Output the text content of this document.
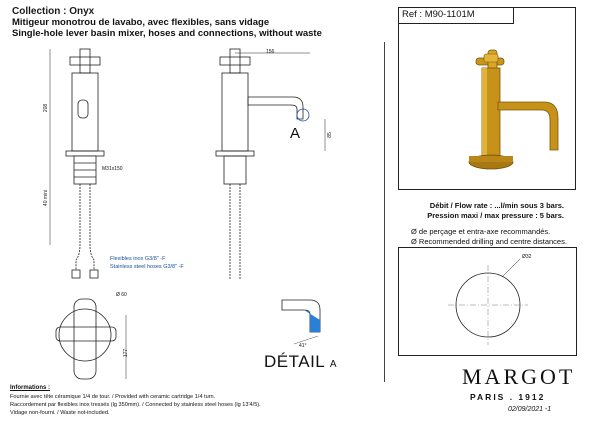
Collection : Onyx
Mitigeur monotrou de lavabo, avec flexibles, sans vidage
Single-hole lever basin mixer, hoses and connections, without waste
Ref : M90-1101M
Débit / Flow rate : ...l/min sous 3 bars.
Pression maxi / max pressure : 5 bars.
Ø de perçage et entra-axe recommandés.
Ø Recommended drilling and centre distances.
Ø32
208
40 mini
M31x150
Ø 60
177
Flexibles inox G3/8" -F
Stainless steel hoses G3/8" -F
156
85
A
41°
DÉTAIL A
Informations :
Fournie avec tête céramique 1/4 de tour. / Provided with ceramic cartridge 1/4 turn.
Raccordement par flexibles inox tressés (lg 350mm). / Connected by stainless steel hoses (lg 13'4/5).
Vidage non-fourni. / Waste not-included.
MARGOT
PARIS . 1912
02/09/2021 -1
